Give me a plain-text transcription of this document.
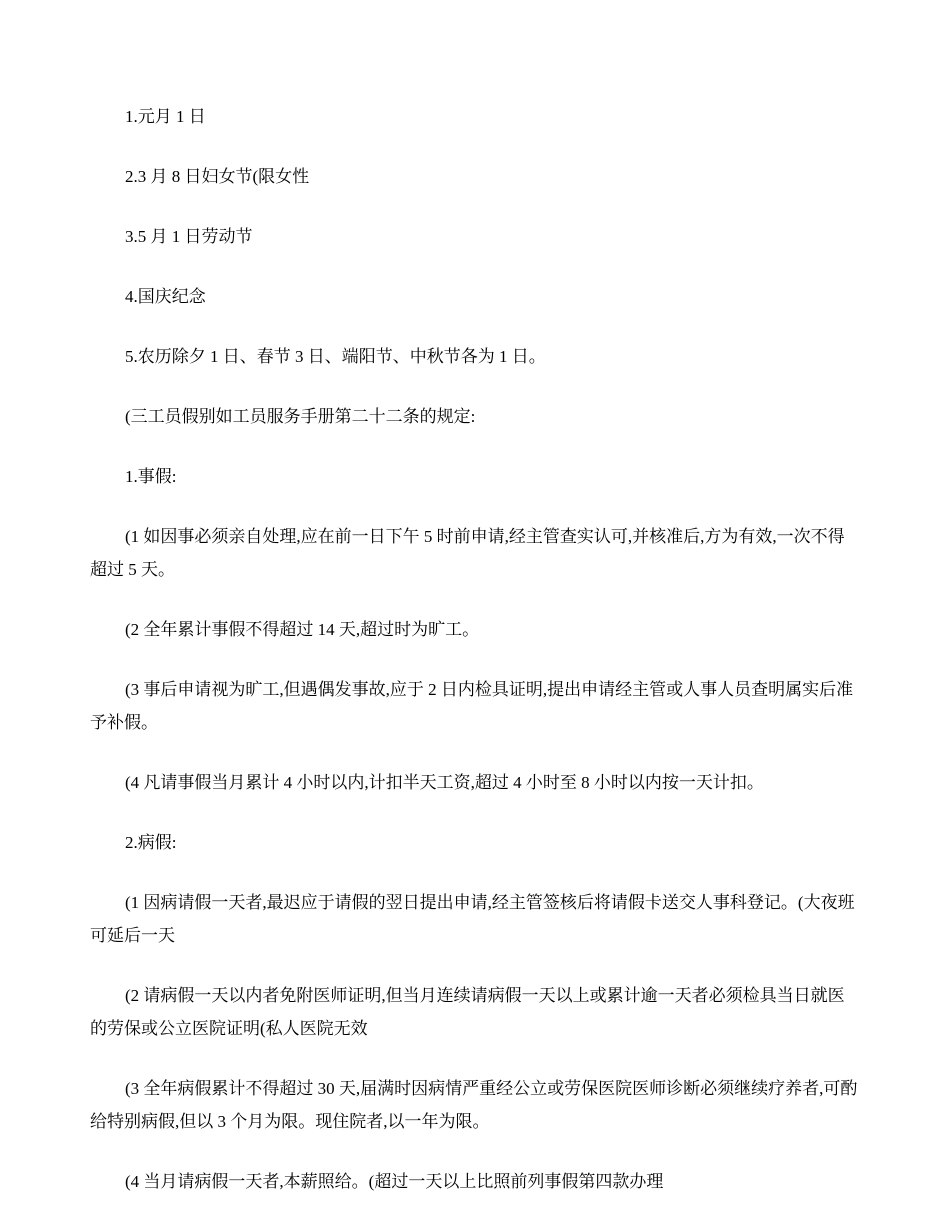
1.元月 1 日

2.3 月 8 日妇女节(限女性

3.5 月 1 日劳动节

4.国庆纪念

5.农历除夕 1 日、春节 3 日、端阳节、中秋节各为 1 日。

(三工员假别如工员服务手册第二十二条的规定:

1.事假:

(1 如因事必须亲自处理,应在前一日下午 5 时前申请,经主管查实认可,并核准后,方为有效,一次不得超过 5 天。

(2 全年累计事假不得超过 14 天,超过时为旷工。

(3 事后申请视为旷工,但遇偶发事故,应于 2 日内检具证明,提出申请经主管或人事人员查明属实后准予补假。

(4 凡请事假当月累计 4 小时以内,计扣半天工资,超过 4 小时至 8 小时以内按一天计扣。

2.病假:

(1 因病请假一天者,最迟应于请假的翌日提出申请,经主管签核后将请假卡送交人事科登记。(大夜班可延后一天

(2 请病假一天以内者免附医师证明,但当月连续请病假一天以上或累计逾一天者必须检具当日就医的劳保或公立医院证明(私人医院无效

(3 全年病假累计不得超过 30 天,届满时因病情严重经公立或劳保医院医师诊断必须继续疗养者,可酌给特别病假,但以 3 个月为限。现住院者,以一年为限。

(4 当月请病假一天者,本薪照给。(超过一天以上比照前列事假第四款办理
